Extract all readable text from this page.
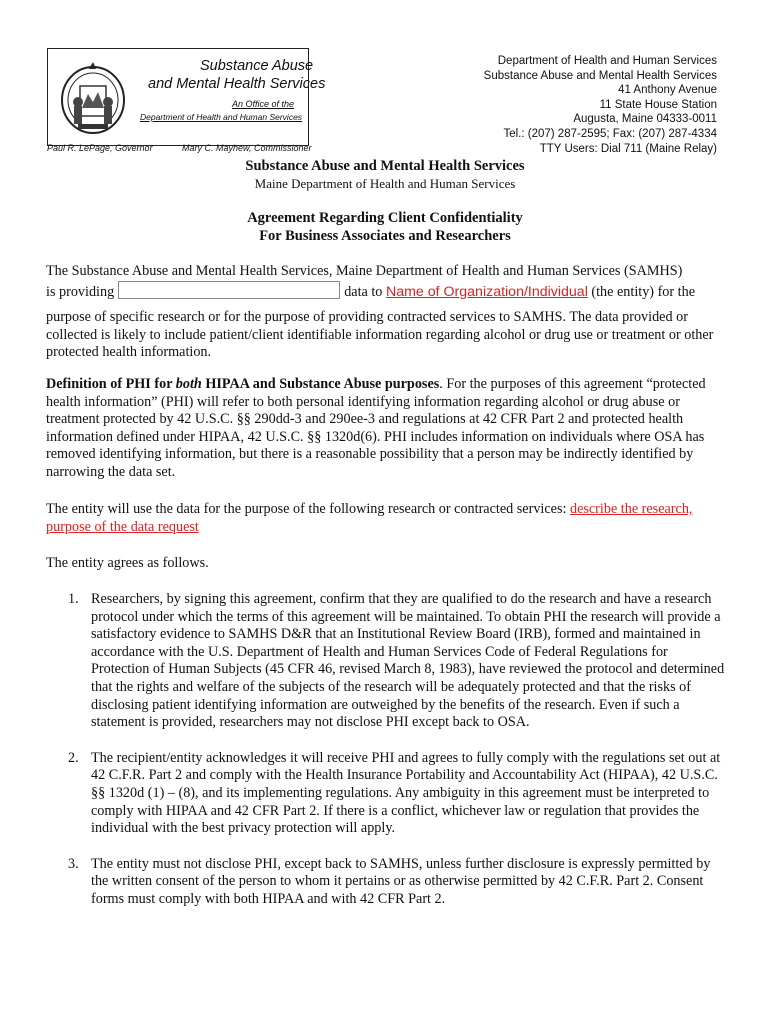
Substance Abuse
and Mental Health Services
An Office of the
Department of Health and Human Services
Paul R. LePage, Governor	Mary C. Mayhew, Commissioner
Department of Health and Human Services
Substance Abuse and Mental Health Services
41 Anthony Avenue
11 State House Station
Augusta, Maine 04333-0011
Tel.: (207) 287-2595; Fax: (207) 287-4334
TTY Users: Dial 711 (Maine Relay)
Substance Abuse and Mental Health Services
Maine Department of Health and Human Services
Agreement Regarding Client Confidentiality
For Business Associates and Researchers

The Substance Abuse and Mental Health Services, Maine Department of Health and Human Services (SAMHS)
is providing	data to Name of Organization/Individual (the entity) for the

purpose of specific research or for the purpose of providing contracted services to SAMHS. The data provided or collected is likely to include patient/client identifiable information regarding alcohol or drug use or treatment or other protected health information.

Definition of PHI for both HIPAA and Substance Abuse purposes. For the purposes of this agreement “protected health information” (PHI) will refer to both personal identifying information regarding alcohol or drug abuse or treatment protected by 42 U.S.C. §§ 290dd-3 and 290ee-3 and regulations at 42 CFR Part 2 and protected health information defined under HIPAA, 42 U.S.C. §§ 1320d(6). PHI includes information on individuals where OSA has removed identifying information, but there is a reasonable possibility that a person may be indirectly identified by narrowing the data set.

The entity will use the data for the purpose of the following research or contracted services: describe the research, purpose of the data request

The entity agrees as follows.
1. Researchers, by signing this agreement, confirm that they are qualified to do the research and have a research protocol under which the terms of this agreement will be maintained. To obtain PHI the research will provide a satisfactory evidence to SAMHS D&R that an Institutional Review Board (IRB), formed and maintained in accordance with the U.S. Department of Health and Human Services Code of Federal Regulations for Protection of Human Subjects (45 CFR 46, revised March 8, 1983), have reviewed the protocol and determined that the rights and welfare of the subjects of the research will be adequately protected and that the risks of disclosing patient identifying information are outweighed by the benefits of the research. Even if such a statement is provided, researchers may not disclose PHI except back to OSA.
2. The recipient/entity acknowledges it will receive PHI and agrees to fully comply with the regulations set out at 42 C.F.R. Part 2 and comply with the Health Insurance Portability and Accountability Act (HIPAA), 42 U.S.C. §§ 1320d (1) – (8), and its implementing regulations. Any ambiguity in this agreement must be interpreted to comply with HIPAA and 42 CFR Part 2. If there is a conflict, whichever law or regulation that provides the individual with the best privacy protection will apply.
3. The entity must not disclose PHI, except back to SAMHS, unless further disclosure is expressly permitted by the written consent of the person to whom it pertains or as otherwise permitted by 42 C.F.R. Part 2. Consent forms must comply with both HIPAA and with 42 CFR Part 2.
